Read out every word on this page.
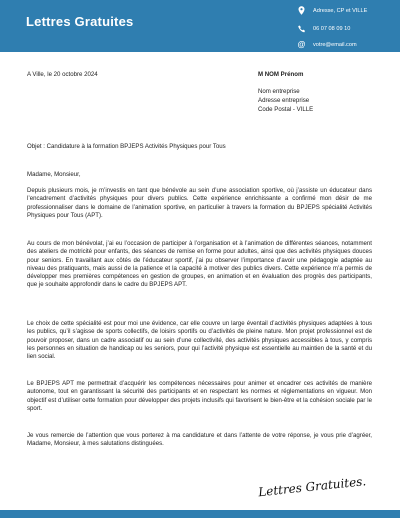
Lettres Gratuites
Adresse, CP et VILLE
06 07 08 09 10
@ votre@email.com
A Ville, le 20 octobre 2024	M NOM Prénom
Nom entreprise
Adresse entreprise
Code Postal - VILLE
Objet : Candidature à la formation BPJEPS Activités Physiques pour Tous
Madame, Monsieur,
Depuis plusieurs mois, je m’investis en tant que bénévole au sein d’une association sportive, où j’assiste un éducateur dans l’encadrement d’activités physiques pour divers publics. Cette expérience enrichissante a confirmé mon désir de me professionnaliser dans le domaine de l’animation sportive, en particulier à travers la formation du BPJEPS spécialité Activités Physiques pour Tous (APT).
Au cours de mon bénévolat, j’ai eu l’occasion de participer à l’organisation et à l’animation de différentes séances, notamment des ateliers de motricité pour enfants, des séances de remise en forme pour adultes, ainsi que des activités physiques douces pour seniors. En travaillant aux côtés de l’éducateur sportif, j’ai pu observer l’importance d’avoir une pédagogie adaptée au niveau des pratiquants, mais aussi de la patience et la capacité à motiver des publics divers. Cette expérience m’a permis de développer mes premières compétences en gestion de groupes, en animation et en évaluation des progrès des participants, que je souhaite approfondir dans le cadre du BPJEPS APT.
Le choix de cette spécialité est pour moi une évidence, car elle couvre un large éventail d’activités physiques adaptées à tous les publics, qu’il s’agisse de sports collectifs, de loisirs sportifs ou d’activités de pleine nature. Mon projet professionnel est de pouvoir proposer, dans un cadre associatif ou au sein d’une collectivité, des activités physiques accessibles à tous, y compris les personnes en situation de handicap ou les seniors, pour qui l’activité physique est essentielle au maintien de la santé et du lien social.
Le BPJEPS APT me permettrait d’acquérir les compétences nécessaires pour animer et encadrer ces activités de manière autonome, tout en garantissant la sécurité des participants et en respectant les normes et réglementations en vigueur. Mon objectif est d’utiliser cette formation pour développer des projets inclusifs qui favorisent le bien-être et la cohésion sociale par le sport.
Je vous remercie de l’attention que vous porterez à ma candidature et dans l’attente de votre réponse, je vous prie d’agréer, Madame, Monsieur, à mes salutations distinguées.
Lettres Gratuites.
